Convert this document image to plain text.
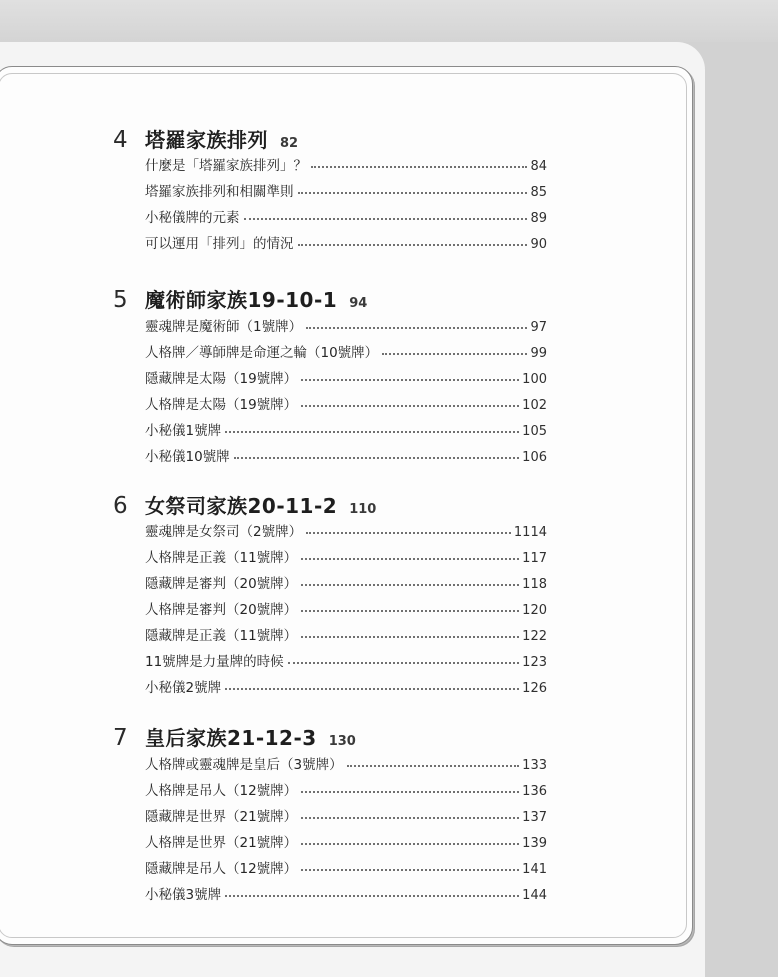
4 塔羅家族排列 82
什麼是「塔羅家族排列」？	84
塔羅家族排列和相關準則	85
小秘儀牌的元素	89
可以運用「排列」的情況	90
5 魔術師家族19-10-1 94
靈魂牌是魔術師（1號牌）	97
人格牌／導師牌是命運之輪（10號牌）	99
隱藏牌是太陽（19號牌）	100
人格牌是太陽（19號牌）	102
小秘儀1號牌	105
小秘儀10號牌	106
6 女祭司家族20-11-2 110
靈魂牌是女祭司（2號牌）	1114
人格牌是正義（11號牌）	117
隱藏牌是審判（20號牌）	118
人格牌是審判（20號牌）	120
隱藏牌是正義（11號牌）	122
11號牌是力量牌的時候	123
小秘儀2號牌	126
7 皇后家族21-12-3 130
人格牌或靈魂牌是皇后（3號牌）	133
人格牌是吊人（12號牌）	136
隱藏牌是世界（21號牌）	137
人格牌是世界（21號牌）	139
隱藏牌是吊人（12號牌）	141
小秘儀3號牌	144
